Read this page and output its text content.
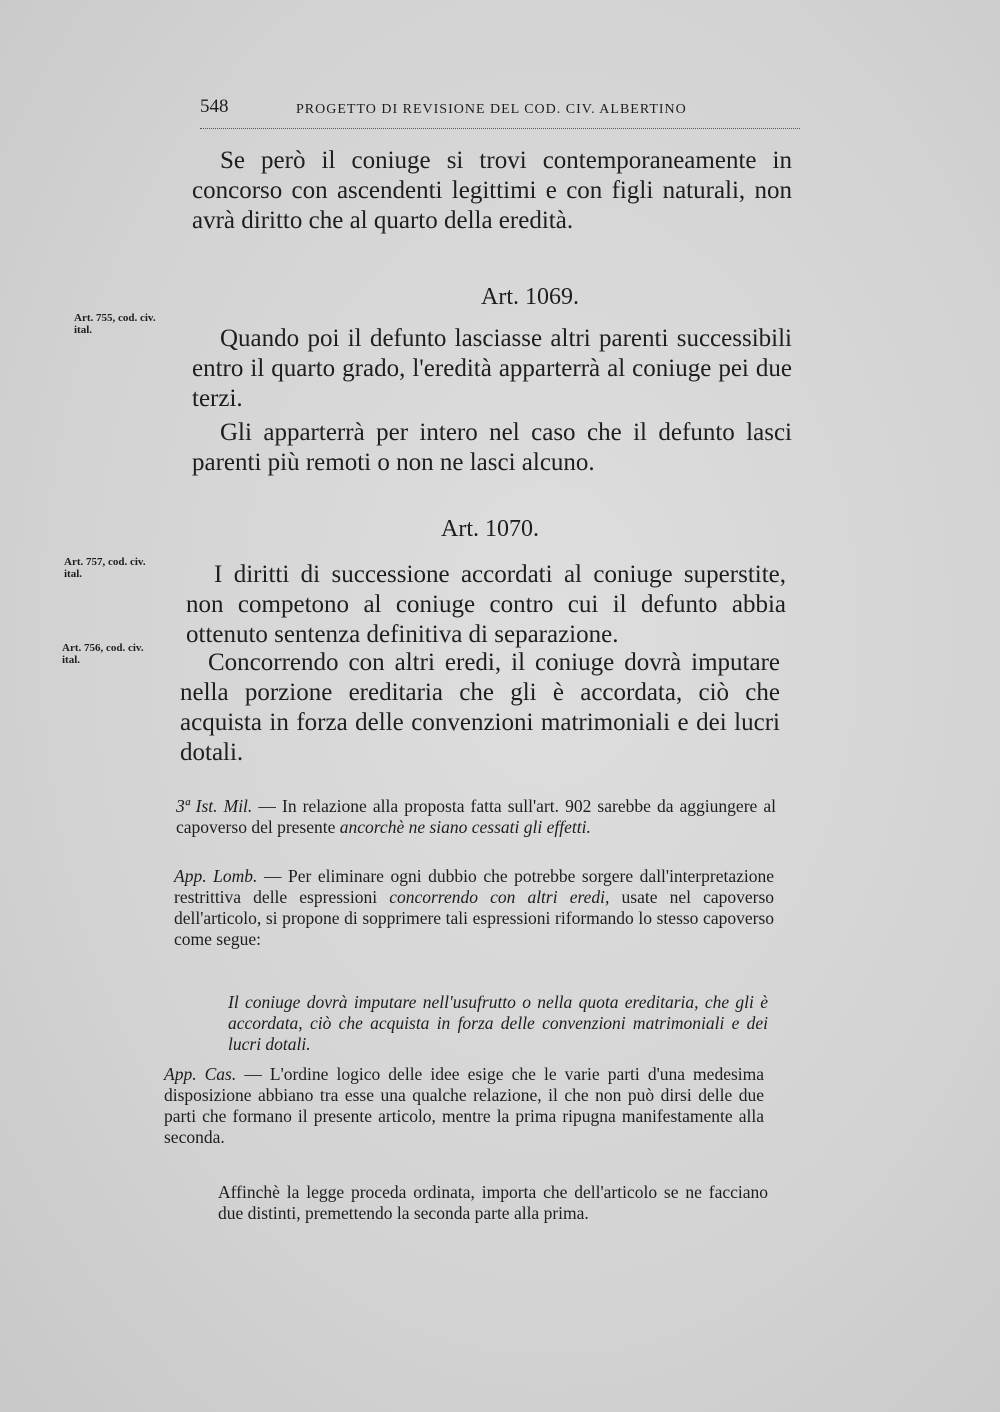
548	PROGETTO DI REVISIONE DEL COD. CIV. ALBERTINO

Se però il coniuge si trovi contemporaneamente in concorso con ascendenti legittimi e con figli naturali, non avrà diritto che al quarto della eredità.

Art. 1069.

Art. 755, cod. civ.
ital.	Quando poi il defunto lasciasse altri parenti successibili entro il quarto grado, l'eredità apparterrà al coniuge pei due terzi.

Gli apparterrà per intero nel caso che il defunto lasci parenti più remoti o non ne lasci alcuno.

Art. 1070.

Art. 757, cod. civ.
ital.	I diritti di successione accordati al coniuge superstite, non competono al coniuge contro cui il defunto abbia ottenuto sentenza definitiva di separazione.

Art. 756, cod. civ.
ital.	Concorrendo con altri eredi, il coniuge dovrà imputare nella porzione ereditaria che gli è accordata, ciò che acquista in forza delle convenzioni matrimoniali e dei lucri dotali.

3ª Ist. Mil. — In relazione alla proposta fatta sull'art. 902 sarebbe da aggiungere al capoverso del presente ancorchè ne siano cessati gli effetti.

App. Lomb. — Per eliminare ogni dubbio che potrebbe sorgere dall'interpretazione restrittiva delle espressioni concorrendo con altri eredi, usate nel capoverso dell'articolo, si propone di sopprimere tali espressioni riformando lo stesso capoverso come segue:

Il coniuge dovrà imputare nell'usufrutto o nella quota ereditaria, che gli è accordata, ciò che acquista in forza delle convenzioni matrimoniali e dei lucri dotali.

App. Cas. — L'ordine logico delle idee esige che le varie parti d'una medesima disposizione abbiano tra esse una qualche relazione, il che non può dirsi delle due parti che formano il presente articolo, mentre la prima ripugna manifestamente alla seconda.

Affinchè la legge proceda ordinata, importa che dell'articolo se ne facciano due distinti, premettendo la seconda parte alla prima.
